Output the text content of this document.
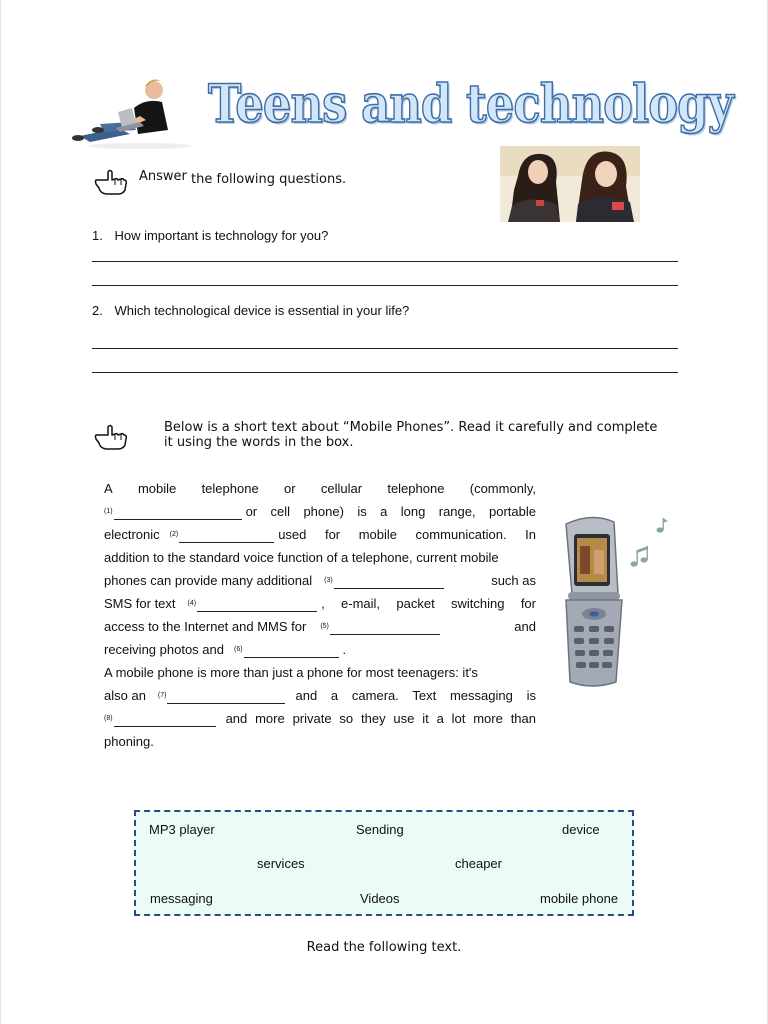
Teens and technology
Answer the following questions.
1. How important is technology for you?
2. Which technological device is essential in your life?
Below is a short text about “Mobile Phones”. Read it carefully and complete
it using the words in the box.
A mobile telephone or cellular telephone (commonly,
$^{(1)}$	or cell phone) is a long range, portable
electronic $^{(2)}$	used for mobile communication. In
addition to the standard voice function of a telephone, current mobile
phones can provide many additional $^{(3)}$	such as
SMS for text $^{(4)}$	, e-mail, packet switching for
access to the Internet and MMS for $^{(5)}$	and
receiving photos and $^{(6)}$	.
A mobile phone is more than just a phone for most teenagers: it's
also an $^{(7)}$	and a camera. Text messaging is
$^{(8)}$	and more private so they use it a lot more than
phoning.
MP3 player	Sending	device
services	cheaper
messaging	Videos	mobile phone
Read the following text.
